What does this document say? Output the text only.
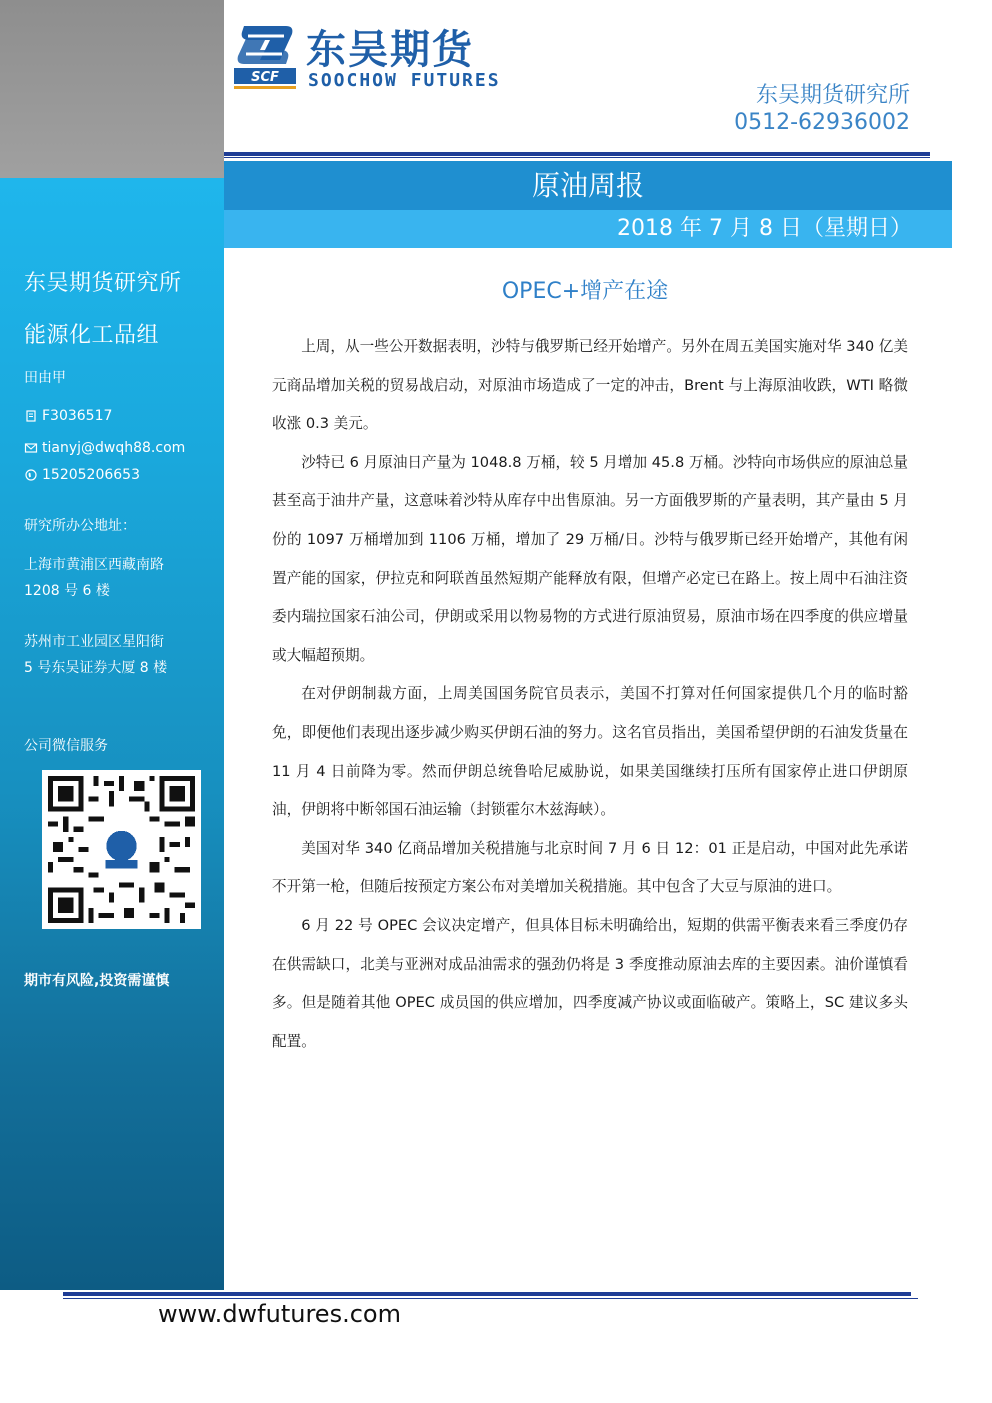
东吴期货研究所
能源化工品组
田由甲
F3036517
tianyj@dwqh88.com
15205206653
研究所办公地址：
上海市黄浦区西藏南路
1208 号 6 楼
苏州市工业园区星阳街
5 号东吴证券大厦 8 楼
公司微信服务
期市有风险,投资需谨慎
SCF
东吴期货
SOOCHOW FUTURES
东吴期货研究所
0512-62936002
原油周报
2018 年 7 月 8 日（星期日）
OPEC+增产在途

上周，从一些公开数据表明，沙特与俄罗斯已经开始增产。另外在周五美国实施对华 340 亿美元商品增加关税的贸易战启动，对原油市场造成了一定的冲击，Brent 与上海原油收跌，WTI 略微收涨 0.3 美元。

沙特已 6 月原油日产量为 1048.8 万桶，较 5 月增加 45.8 万桶。沙特向市场供应的原油总量甚至高于油井产量，这意味着沙特从库存中出售原油。另一方面俄罗斯的产量表明，其产量由 5 月份的 1097 万桶增加到 1106 万桶，增加了 29 万桶/日。沙特与俄罗斯已经开始增产，其他有闲置产能的国家，伊拉克和阿联酋虽然短期产能释放有限，但增产必定已在路上。按上周中石油注资委内瑞拉国家石油公司，伊朗或采用以物易物的方式进行原油贸易，原油市场在四季度的供应增量或大幅超预期。

在对伊朗制裁方面，上周美国国务院官员表示，美国不打算对任何国家提供几个月的临时豁免，即便他们表现出逐步减少购买伊朗石油的努力。这名官员指出，美国希望伊朗的石油发货量在 11 月 4 日前降为零。然而伊朗总统鲁哈尼威胁说，如果美国继续打压所有国家停止进口伊朗原油，伊朗将中断邻国石油运输（封锁霍尔木兹海峡）。

美国对华 340 亿商品增加关税措施与北京时间 7 月 6 日 12：01 正是启动，中国对此先承诺不开第一枪，但随后按预定方案公布对美增加关税措施。其中包含了大豆与原油的进口。

6 月 22 号 OPEC 会议决定增产，但具体目标未明确给出，短期的供需平衡表来看三季度仍存在供需缺口，北美与亚洲对成品油需求的强劲仍将是 3 季度推动原油去库的主要因素。油价谨慎看多。但是随着其他 OPEC 成员国的供应增加，四季度减产协议或面临破产。策略上，SC 建议多头配置。

www.dwfutures.com
